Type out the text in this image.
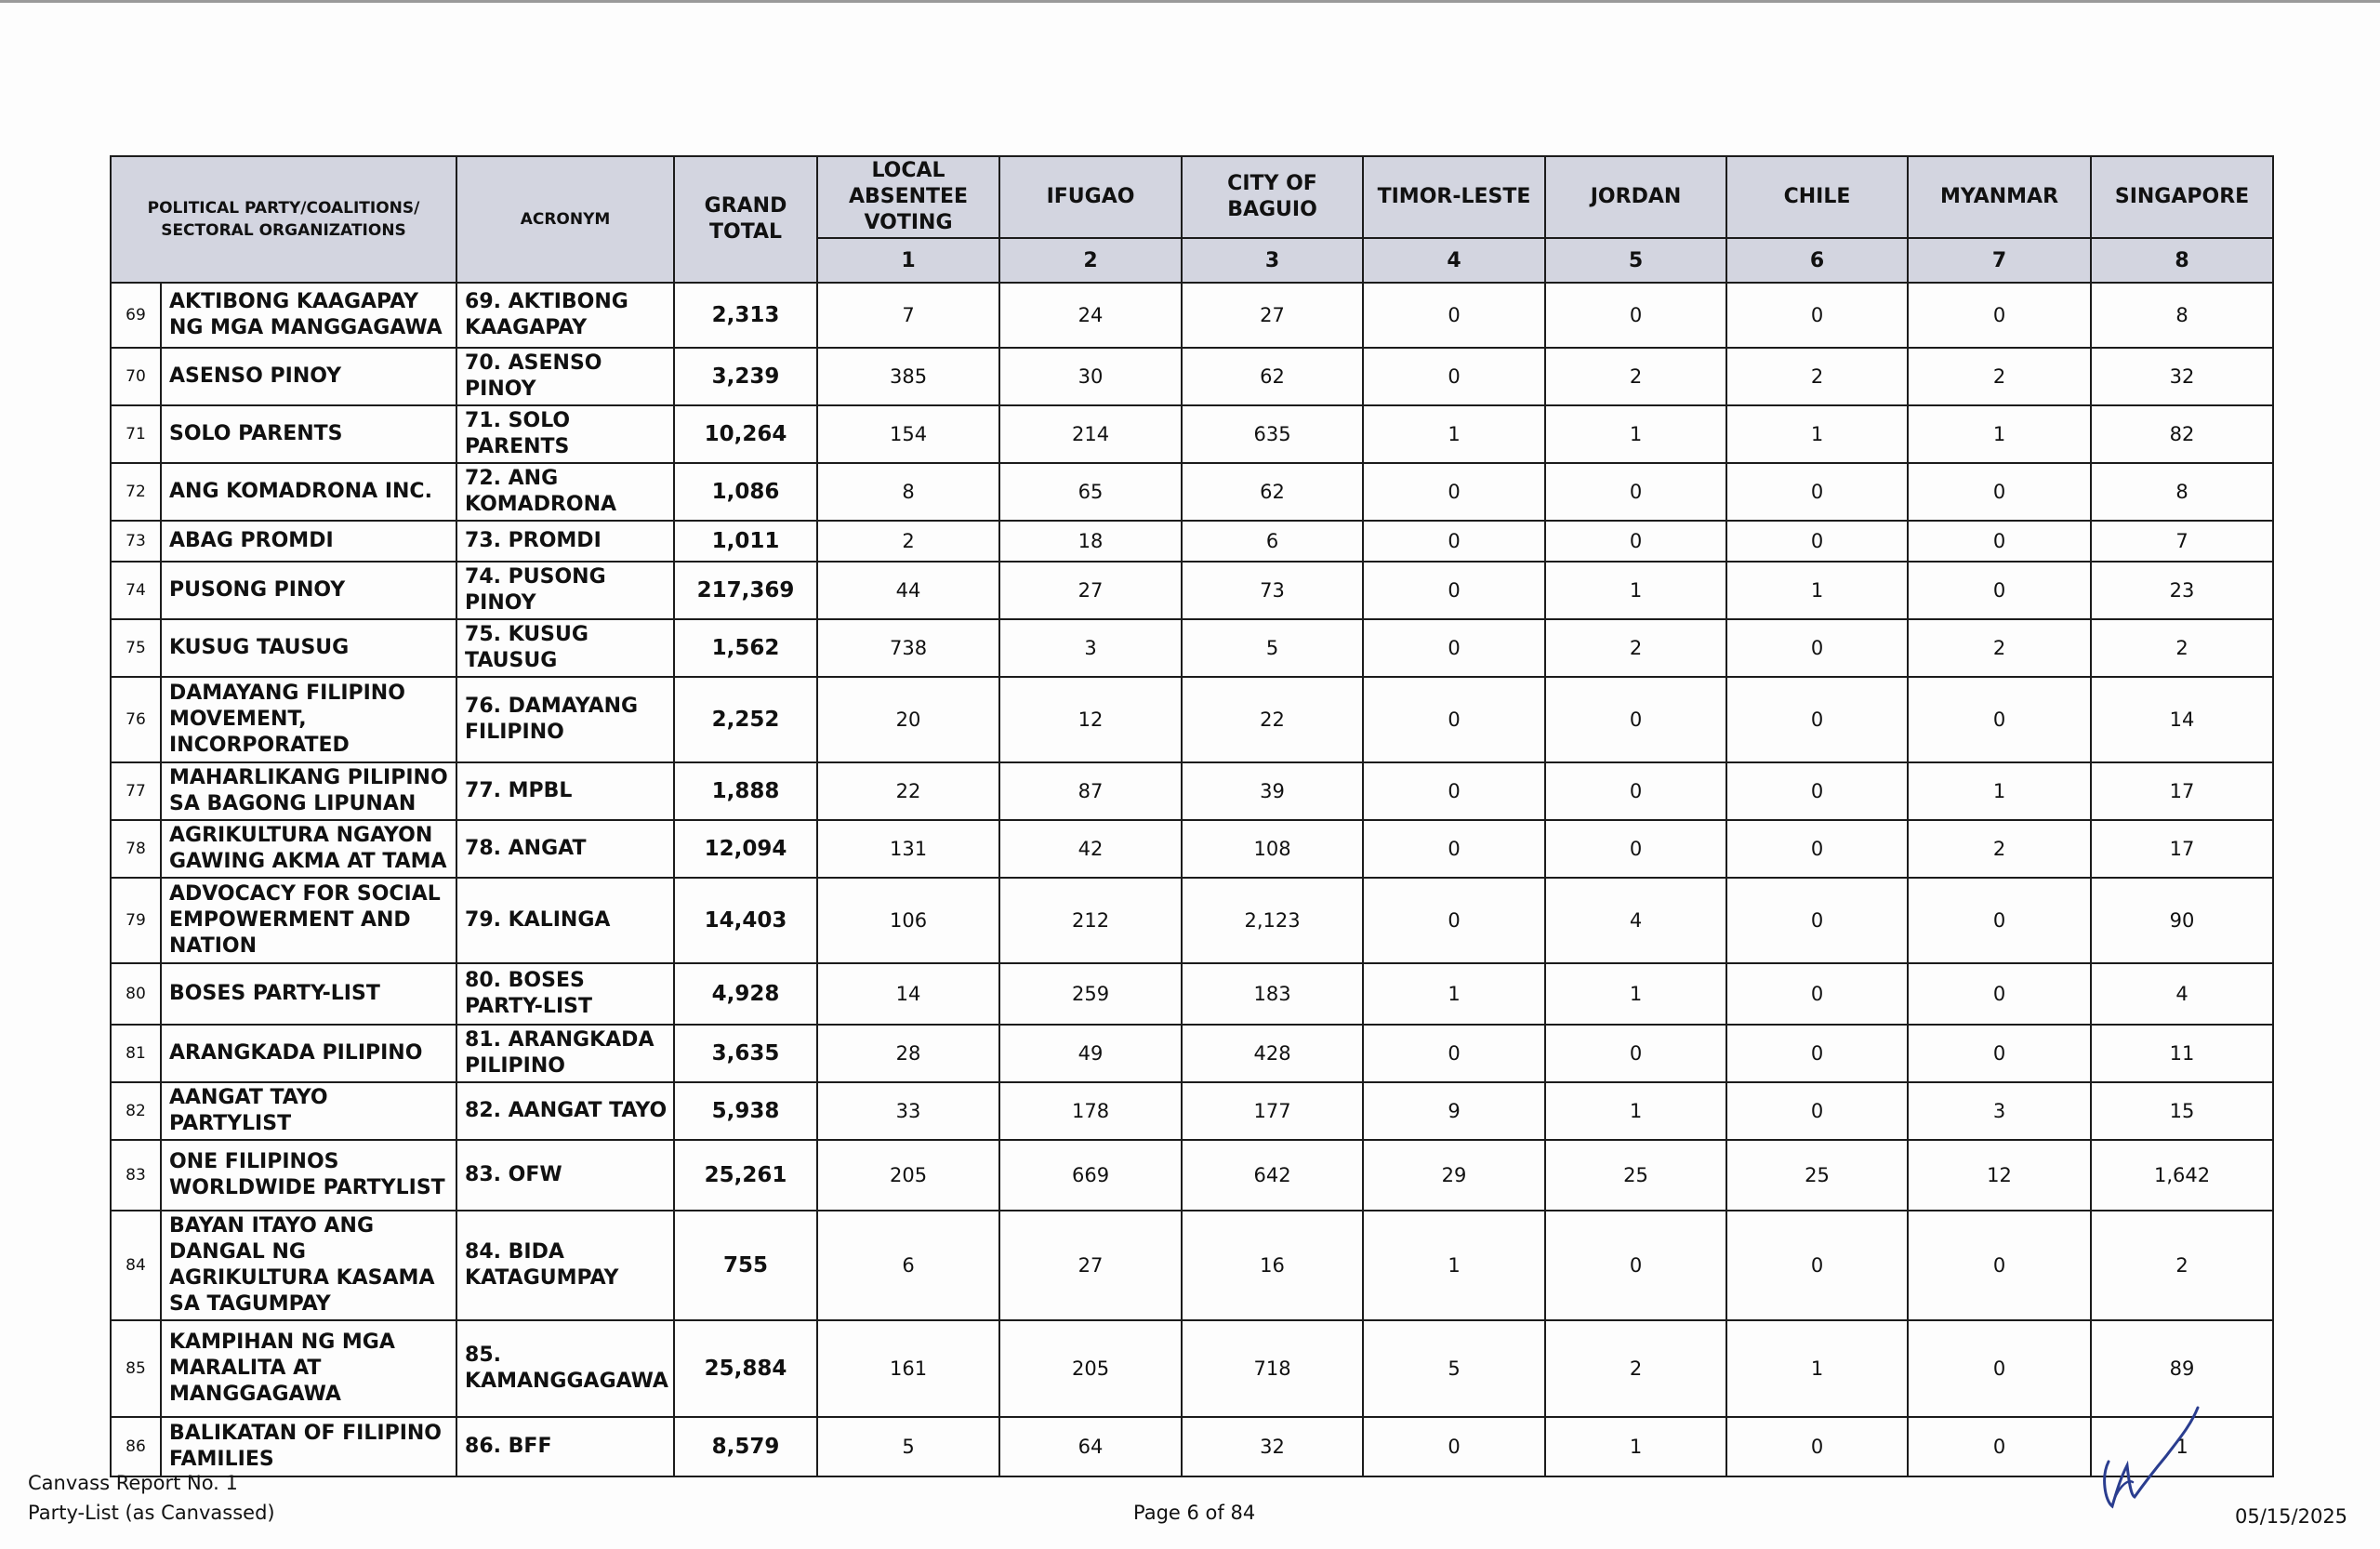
POLITICAL PARTY/COALITIONS/ SECTORAL ORGANIZATIONS		ACRONYM	GRAND TOTAL	LOCAL ABSENTEE VOTING	IFUGAO	CITY OF BAGUIO	TIMOR-LESTE	JORDAN	CHILE	MYANMAR	SINGAPORE
				1	2	3	4	5	6	7	8
69	AKTIBONG KAAGAPAY NG MGA MANGGAGAWA	69. AKTIBONG KAAGAPAY	2,313	7	24	27	0	0	0	0	8
70	ASENSO PINOY	70. ASENSO PINOY	3,239	385	30	62	0	2	2	2	32
71	SOLO PARENTS	71. SOLO PARENTS	10,264	154	214	635	1	1	1	1	82
72	ANG KOMADRONA INC.	72. ANG KOMADRONA	1,086	8	65	62	0	0	0	0	8
73	ABAG PROMDI	73. PROMDI	1,011	2	18	6	0	0	0	0	7
74	PUSONG PINOY	74. PUSONG PINOY	217,369	44	27	73	0	1	1	0	23
75	KUSUG TAUSUG	75. KUSUG TAUSUG	1,562	738	3	5	0	2	0	2	2
76	DAMAYANG FILIPINO MOVEMENT, INCORPORATED	76. DAMAYANG FILIPINO	2,252	20	12	22	0	0	0	0	14
77	MAHARLIKANG PILIPINO SA BAGONG LIPUNAN	77. MPBL	1,888	22	87	39	0	0	0	1	17
78	AGRIKULTURA NGAYON GAWING AKMA AT TAMA	78. ANGAT	12,094	131	42	108	0	0	0	2	17
79	ADVOCACY FOR SOCIAL EMPOWERMENT AND NATION	79. KALINGA	14,403	106	212	2,123	0	4	0	0	90
80	BOSES PARTY-LIST	80. BOSES PARTY-LIST	4,928	14	259	183	1	1	0	0	4
81	ARANGKADA PILIPINO	81. ARANGKADA PILIPINO	3,635	28	49	428	0	0	0	0	11
82	AANGAT TAYO PARTYLIST	82. AANGAT TAYO	5,938	33	178	177	9	1	0	3	15
83	ONE FILIPINOS WORLDWIDE PARTYLIST	83. OFW	25,261	205	669	642	29	25	25	12	1,642
84	BAYAN ITAYO ANG DANGAL NG AGRIKULTURA KASAMA SA TAGUMPAY	84. BIDA KATAGUMPAY	755	6	27	16	1	0	0	0	2
85	KAMPIHAN NG MGA MARALITA AT MANGGAGAWA	85. KAMANGGAGAWA	25,884	161	205	718	5	2	1	0	89
86	BALIKATAN OF FILIPINO FAMILIES	86. BFF	8,579	5	64	32	0	1	0	0	1
Canvass Report No. 1
Party-List (as Canvassed)	Page 6 of 84	05/15/2025
